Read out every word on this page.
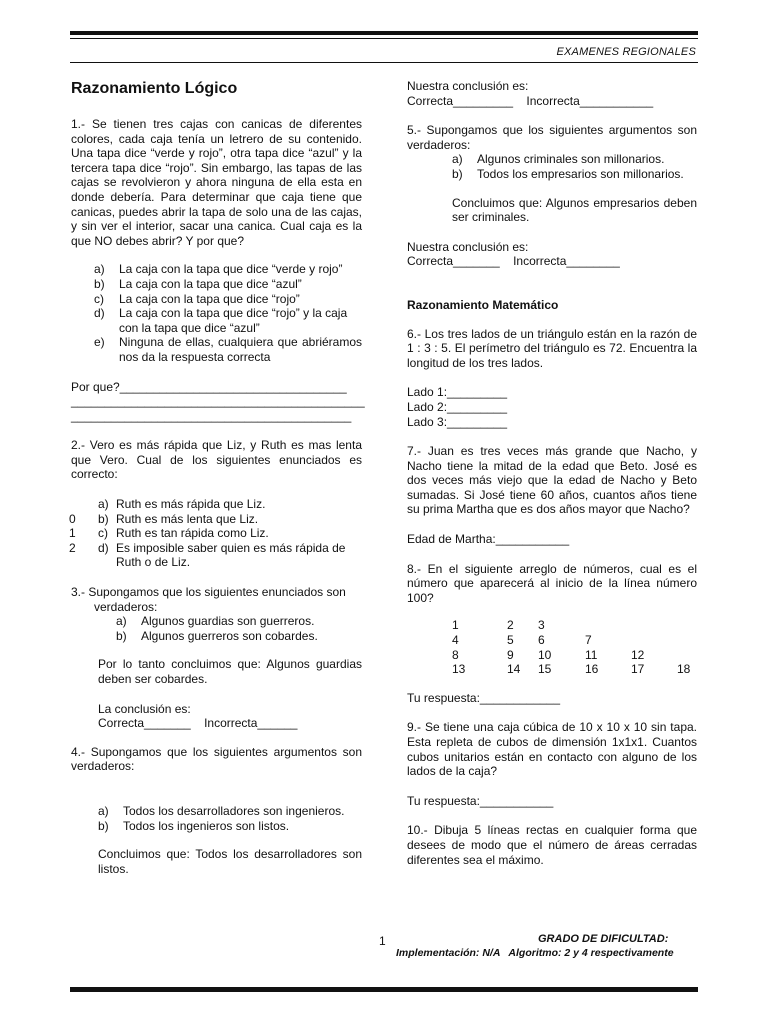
EXAMENES REGIONALES
Razonamiento Lógico

1.- Se tienen tres cajas con canicas de diferentes colores, cada caja tenía un letrero de su contenido. Una tapa dice “verde y rojo”, otra tapa dice “azul” y la tercera tapa dice “rojo”. Sin embargo, las tapas de las cajas se revolvieron y ahora ninguna de ella esta en donde debería. Para determinar que caja tiene que canicas, puedes abrir la tapa de solo una de las cajas, y sin ver el interior, sacar una canica. Cual caja es la que NO debes abrir? Y por que?

a)	La caja con la tapa que dice “verde y rojo”
b)	La caja con la tapa que dice “azul”
c)	La caja con la tapa que dice “rojo”
d)	La caja con la tapa que dice “rojo” y la caja con la tapa que dice “azul”
e)	Ninguna de ellas, cualquiera que abriéramos nos da la respuesta correcta

Por que?__________________________________

____________________________________________

__________________________________________

2.- Vero es más rápida que Liz, y Ruth es mas lenta que Vero. Cual de los siguientes enunciados es correcto:

a) Ruth es más rápida que Liz.
0 b) Ruth es más lenta que Liz.
1 c) Ruth es tan rápida como Liz.
2 d) Es imposible saber quien es más rápida de Ruth o de Liz.

3.- Supongamos que los siguientes enunciados son

verdaderos:

a)	Algunos guardias son guerreros.
b)	Algunos guerreros son cobardes.

Por lo tanto concluimos que: Algunos guardias deben ser cobardes.

La conclusión es:

Correcta_______    Incorrecta______

4.- Supongamos que los siguientes argumentos son verdaderos:

a)	Todos los desarrolladores son ingenieros.
b)	Todos los ingenieros son listos.

Concluimos que: Todos los desarrolladores son listos.

Nuestra conclusión es:

Correcta_________    Incorrecta___________

5.- Supongamos que los siguientes argumentos son verdaderos:

a)	Algunos criminales son millonarios.
b)	Todos los empresarios son millonarios.

Concluimos que: Algunos empresarios deben ser criminales.

Nuestra conclusión es:

Correcta_______    Incorrecta________

Razonamiento Matemático

6.- Los tres lados de un triángulo están en la razón de 1 : 3 : 5. El perímetro del triángulo es 72. Encuentra la longitud de los tres lados.

Lado 1:_________

Lado 2:_________

Lado 3:_________

7.- Juan es tres veces más grande que Nacho, y Nacho tiene la mitad de la edad que Beto. José es dos veces más viejo que la edad de Nacho y Beto sumadas. Si José tiene 60 años, cuantos años tiene su prima Martha que es dos años mayor que Nacho?

Edad de Martha:___________

8.- En el siguiente arreglo de números, cual es el número que aparecerá al inicio de la línea número 100?

1	2	3			
4	5	6	7		
8	9	10	11	12	
13	14	15	16	17	18

Tu respuesta:____________

9.- Se tiene una caja cúbica de 10 x 10 x 10 sin tapa. Esta repleta de cubos de dimensión 1x1x1. Cuantos cubos unitarios están en contacto con alguno de los lados de la caja?

Tu respuesta:___________

10.- Dibuja 5 líneas rectas en cualquier forma que desees de modo que el número de áreas cerradas diferentes sea el máximo.

1	GRADO DE DIFICULTAD:
Implementación: N/A   Algoritmo: 2 y 4 respectivamente
